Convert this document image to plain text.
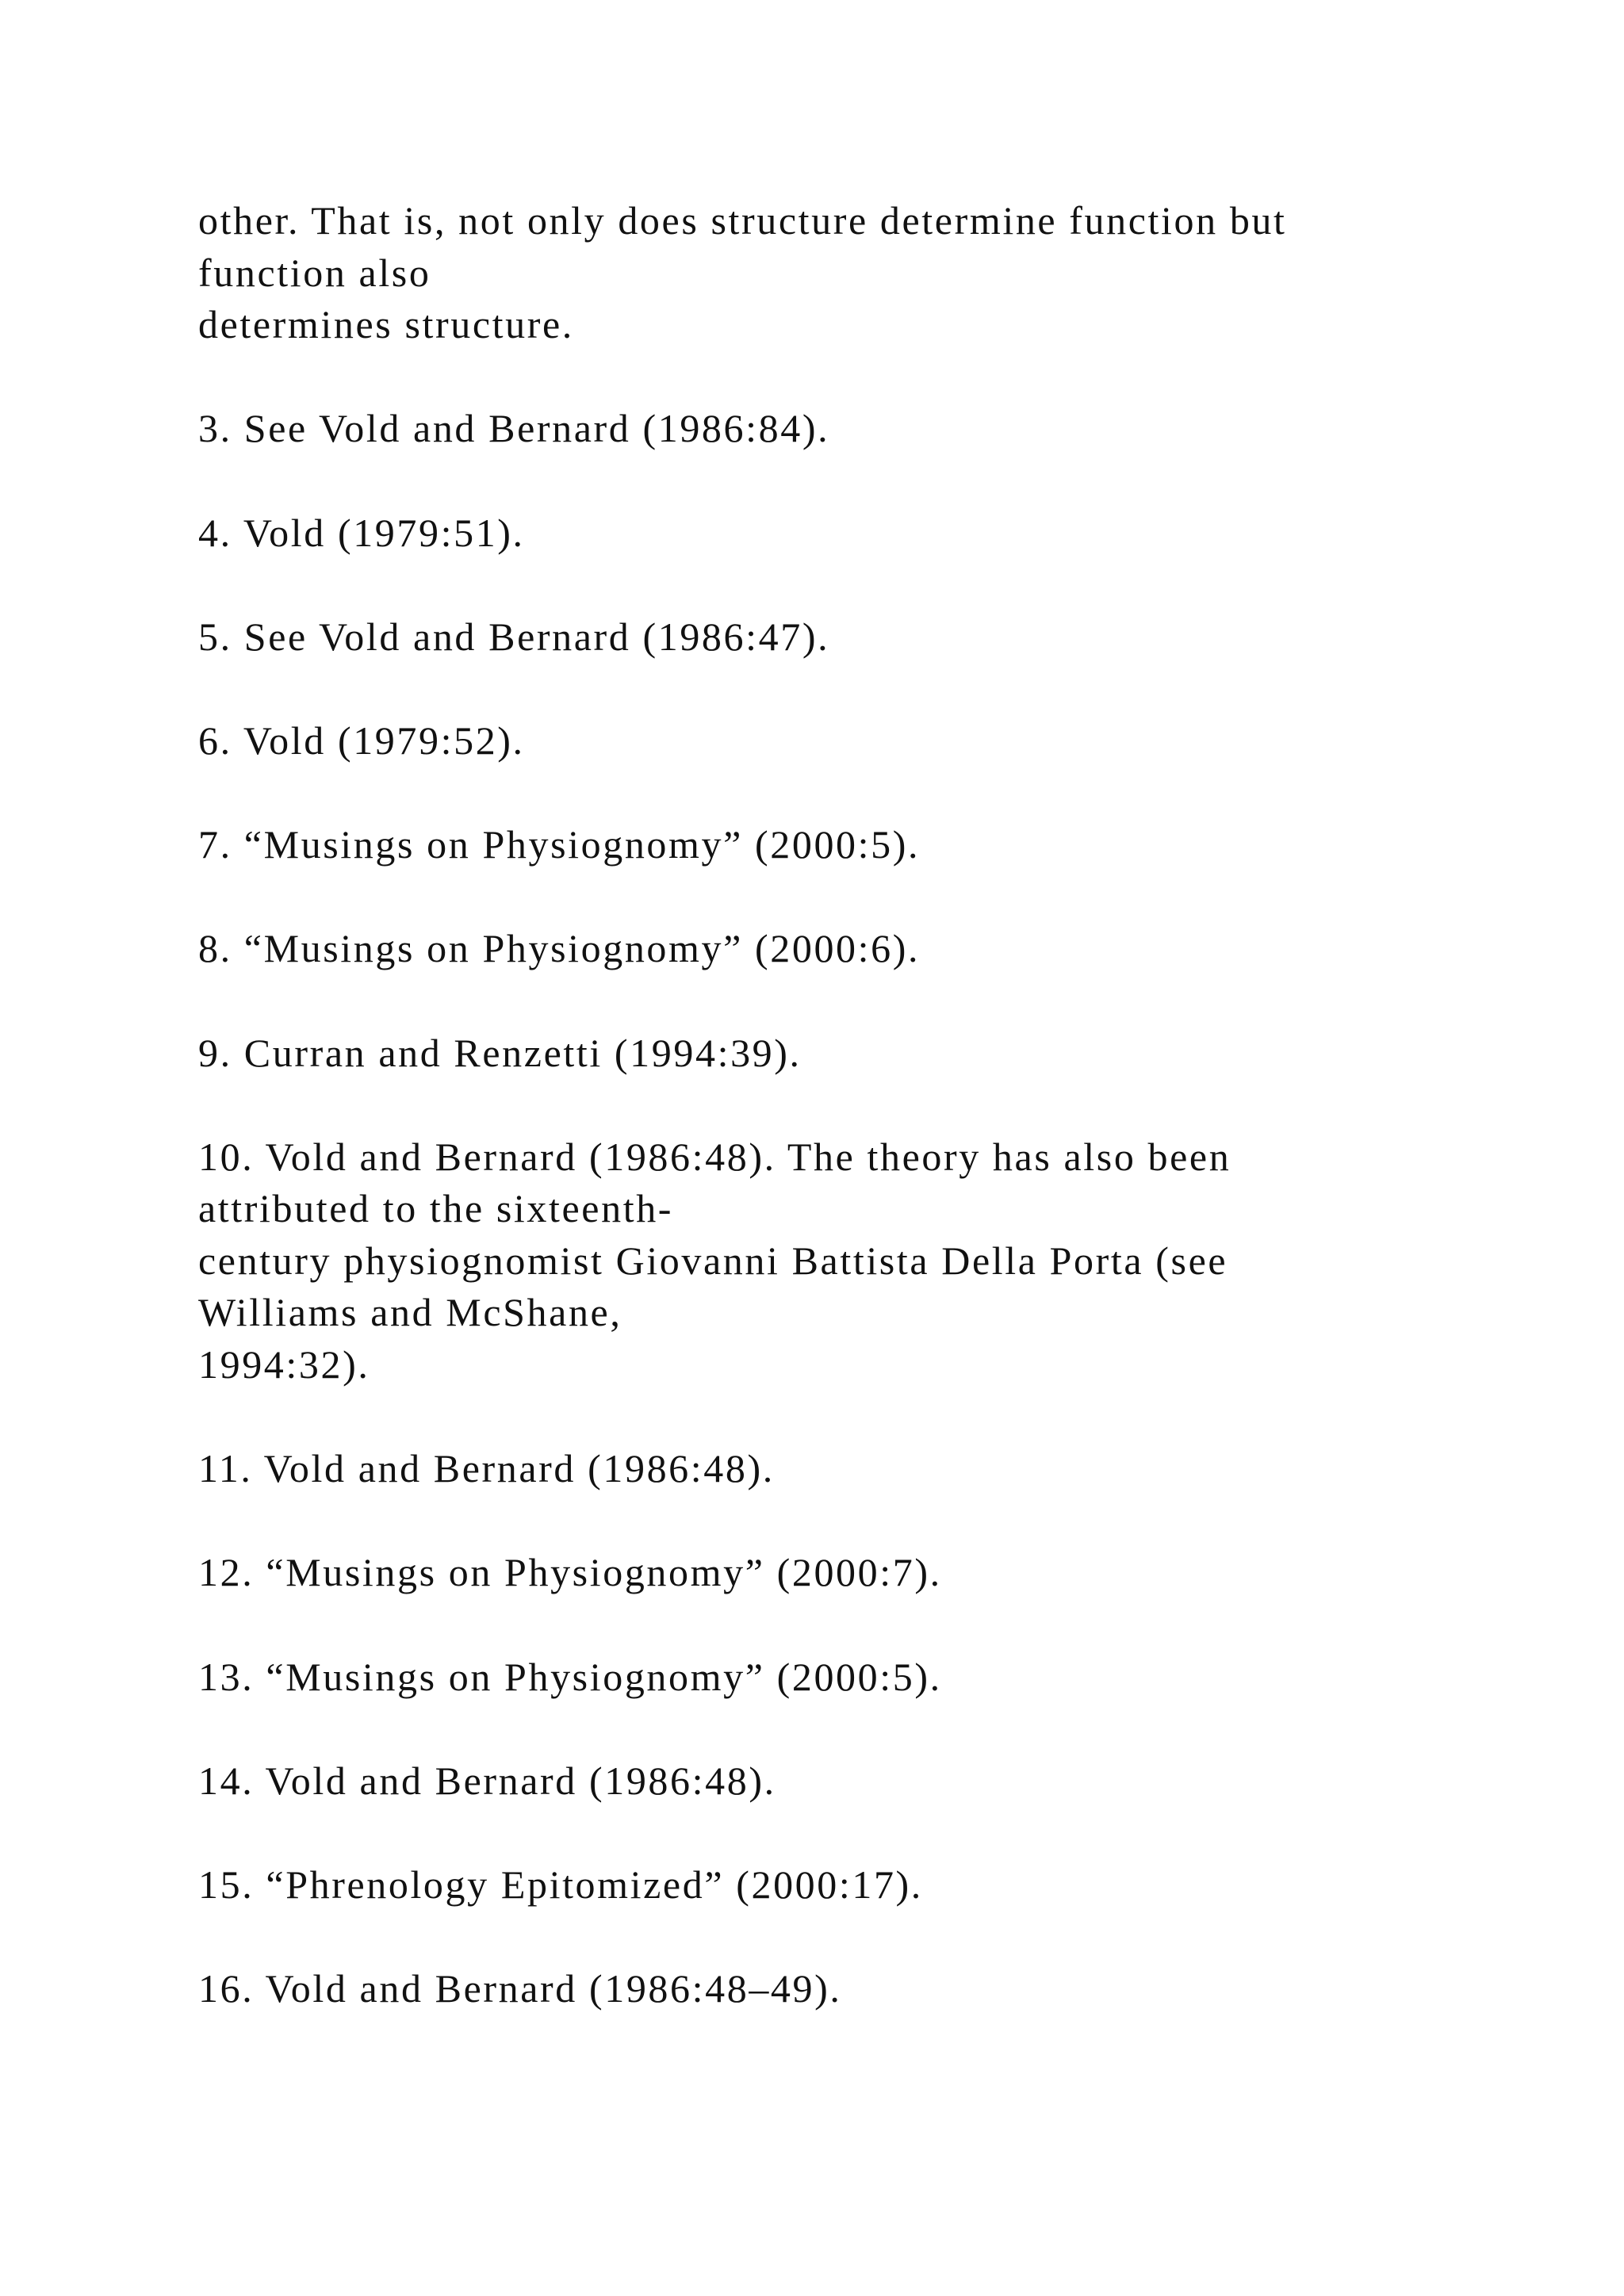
other. That is, not only does structure determine function but
function also
determines structure.
3. See Vold and Bernard (1986:84).
4. Vold (1979:51).
5. See Vold and Bernard (1986:47).
6. Vold (1979:52).
7. “Musings on Physiognomy” (2000:5).
8. “Musings on Physiognomy” (2000:6).
9. Curran and Renzetti (1994:39).
10. Vold and Bernard (1986:48). The theory has also been
attributed to the sixteenth-
century physiognomist Giovanni Battista Della Porta (see
Williams and McShane,
1994:32).
11. Vold and Bernard (1986:48).
12. “Musings on Physiognomy” (2000:7).
13. “Musings on Physiognomy” (2000:5).
14. Vold and Bernard (1986:48).
15. “Phrenology Epitomized” (2000:17).
16. Vold and Bernard (1986:48–49).
